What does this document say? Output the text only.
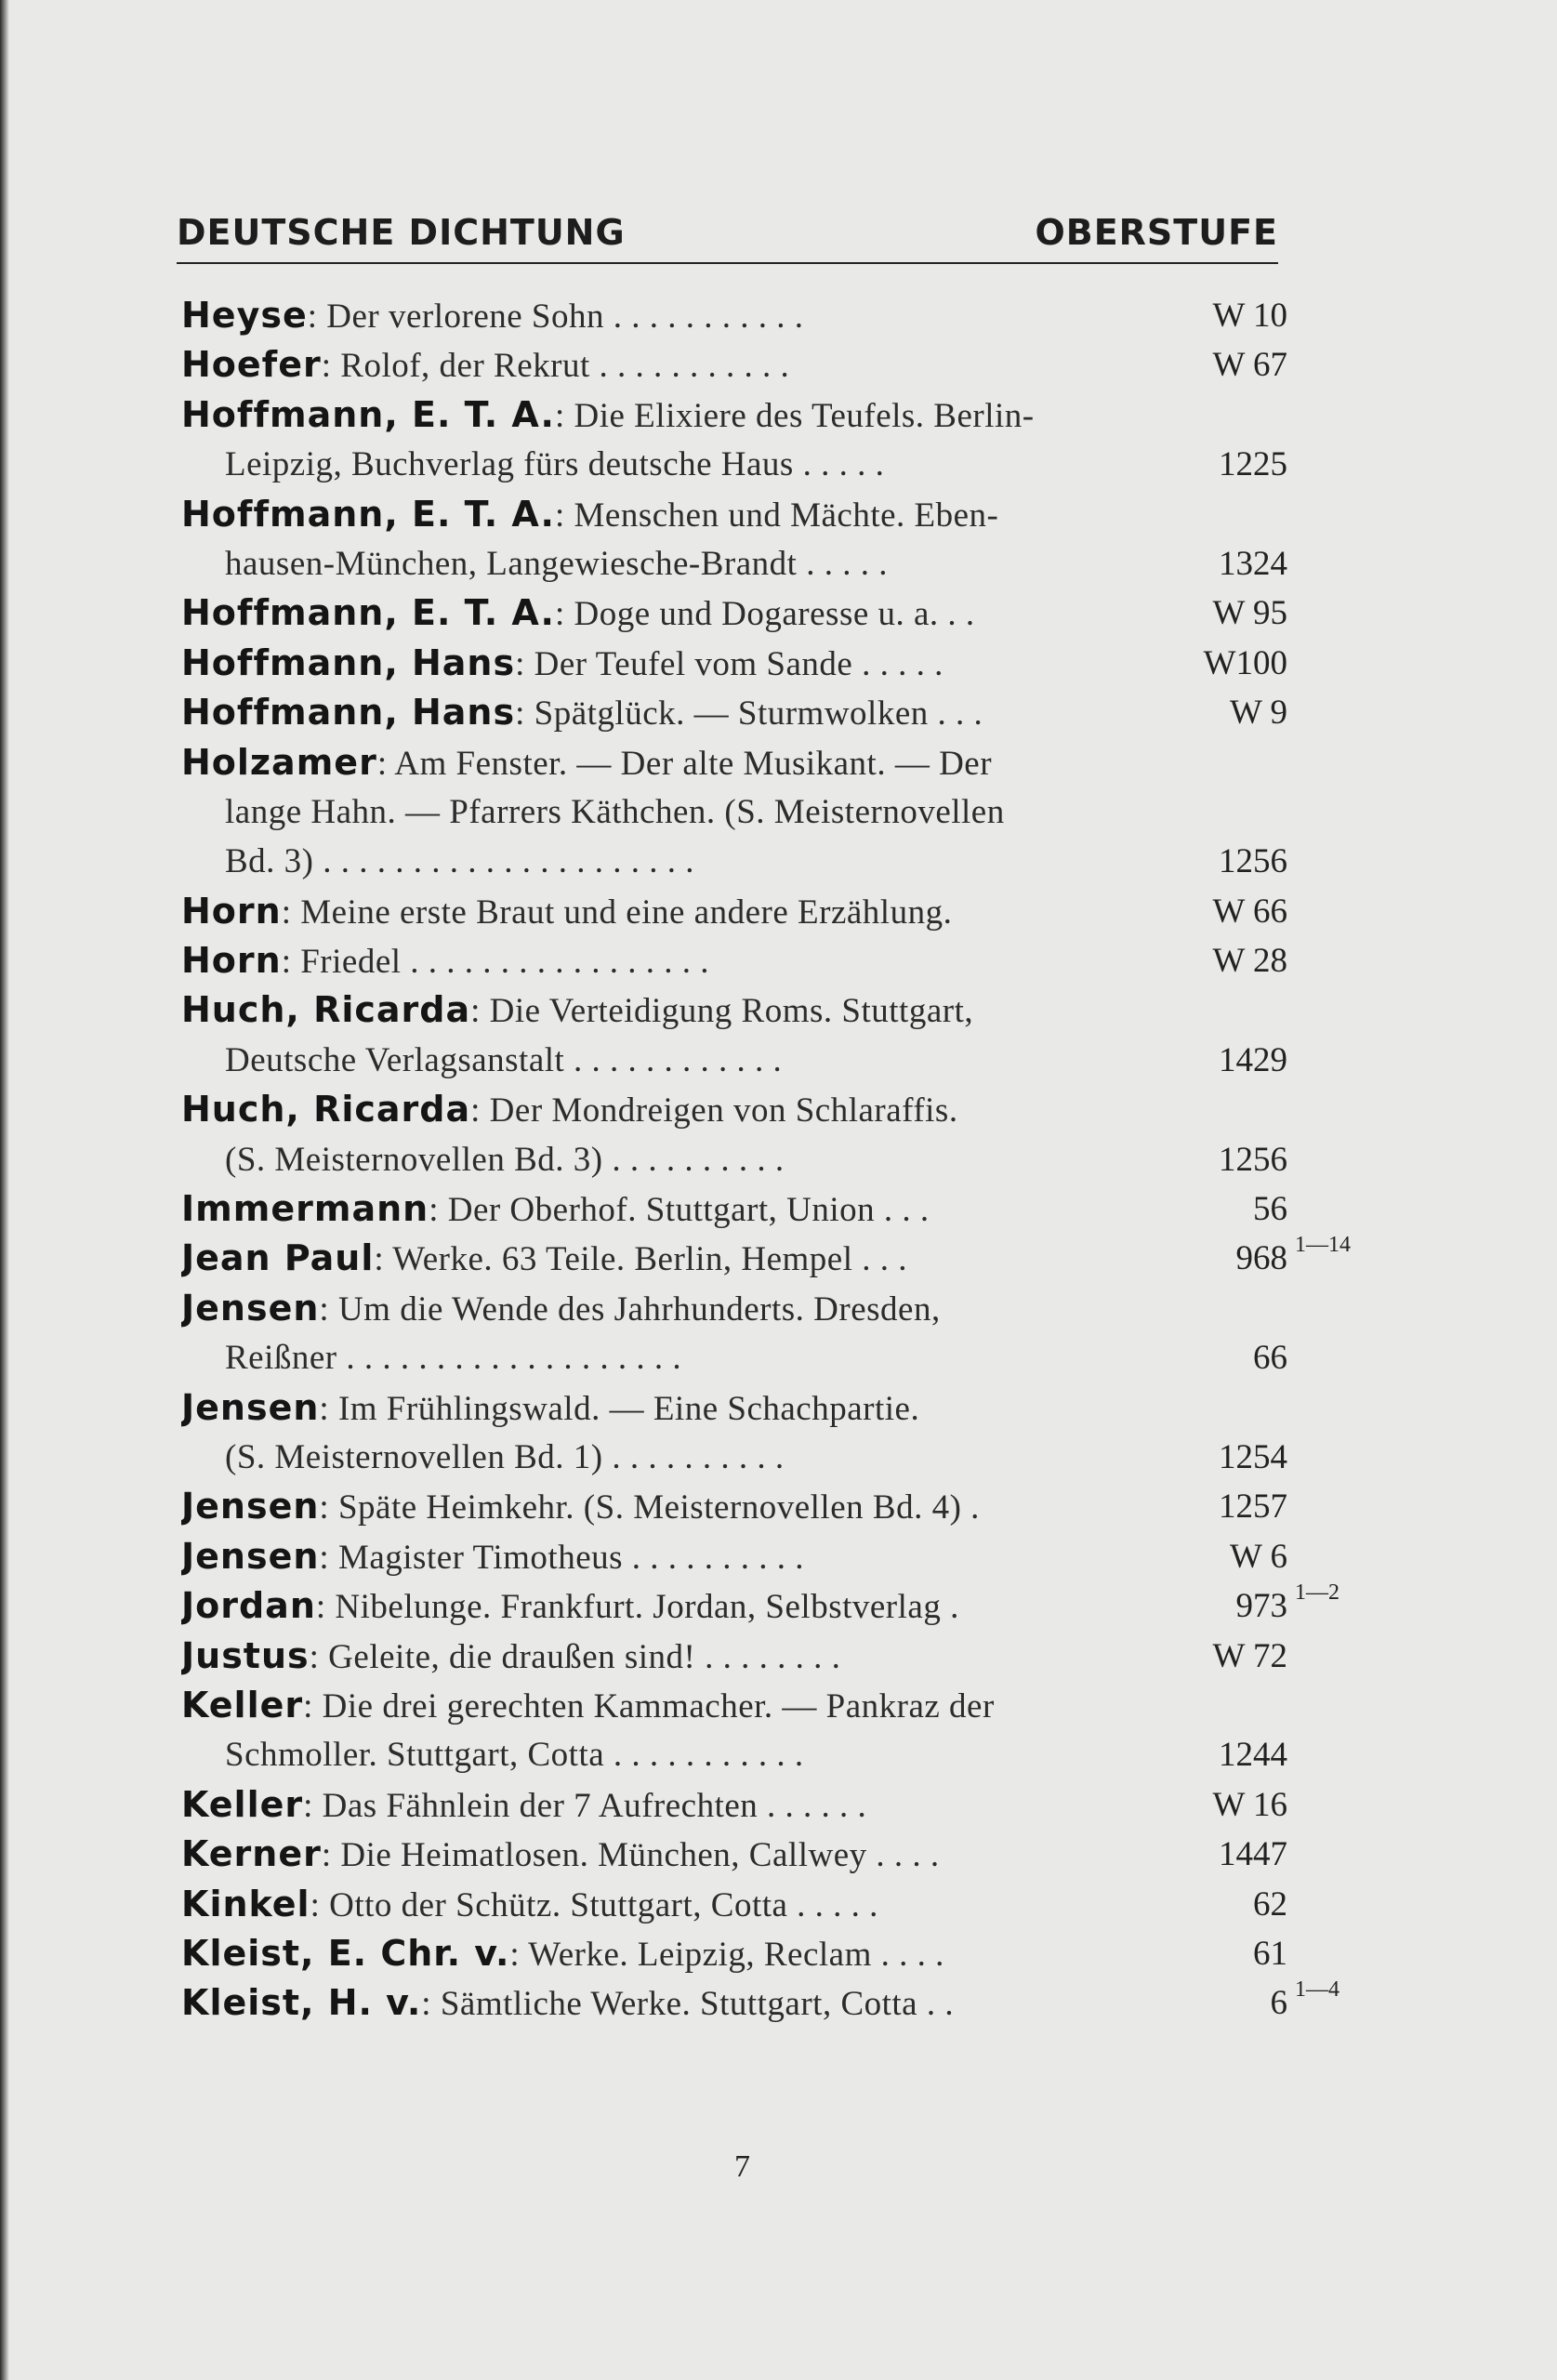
DEUTSCHE DICHTUNG	OBERSTUFE
Heyse: Der verlorene Sohn . . . . . . . . . . .	W 10
Hoefer: Rolof, der Rekrut . . . . . . . . . . .	W 67
Hoffmann, E. T. A.: Die Elixiere des Teufels. Berlin-
Leipzig, Buchverlag fürs deutsche Haus . . . . .	1225
Hoffmann, E. T. A.: Menschen und Mächte. Eben-
hausen-München, Langewiesche-Brandt . . . . .	1324
Hoffmann, E. T. A.: Doge und Dogaresse u. a. . .	W 95
Hoffmann, Hans: Der Teufel vom Sande . . . . .	W100
Hoffmann, Hans: Spätglück. — Sturmwolken . . .	W 9
Holzamer: Am Fenster. — Der alte Musikant. — Der
lange Hahn. — Pfarrers Käthchen. (S. Meisternovellen
Bd. 3) . . . . . . . . . . . . . . . . . . . . .	1256
Horn: Meine erste Braut und eine andere Erzählung.	W 66
Horn: Friedel . . . . . . . . . . . . . . . . .	W 28
Huch, Ricarda: Die Verteidigung Roms. Stuttgart,
Deutsche Verlagsanstalt . . . . . . . . . . . .	1429
Huch, Ricarda: Der Mondreigen von Schlaraffis.
(S. Meisternovellen Bd. 3) . . . . . . . . . .	1256
Immermann: Der Oberhof. Stuttgart, Union . . .	56
Jean Paul: Werke. 63 Teile. Berlin, Hempel . . .	968 1—14
Jensen: Um die Wende des Jahrhunderts. Dresden,
Reißner . . . . . . . . . . . . . . . . . . .	66
Jensen: Im Frühlingswald. — Eine Schachpartie.
(S. Meisternovellen Bd. 1) . . . . . . . . . .	1254
Jensen: Späte Heimkehr. (S. Meisternovellen Bd. 4) .	1257
Jensen: Magister Timotheus . . . . . . . . . .	W 6
Jordan: Nibelunge. Frankfurt. Jordan, Selbstverlag .	973 1—2
Justus: Geleite, die draußen sind! . . . . . . . .	W 72
Keller: Die drei gerechten Kammacher. — Pankraz der
Schmoller. Stuttgart, Cotta . . . . . . . . . . .	1244
Keller: Das Fähnlein der 7 Aufrechten . . . . . .	W 16
Kerner: Die Heimatlosen. München, Callwey . . . .	1447
Kinkel: Otto der Schütz. Stuttgart, Cotta . . . . .	62
Kleist, E. Chr. v.: Werke. Leipzig, Reclam . . . .	61
Kleist, H. v.: Sämtliche Werke. Stuttgart, Cotta . .	6 1—4
7
